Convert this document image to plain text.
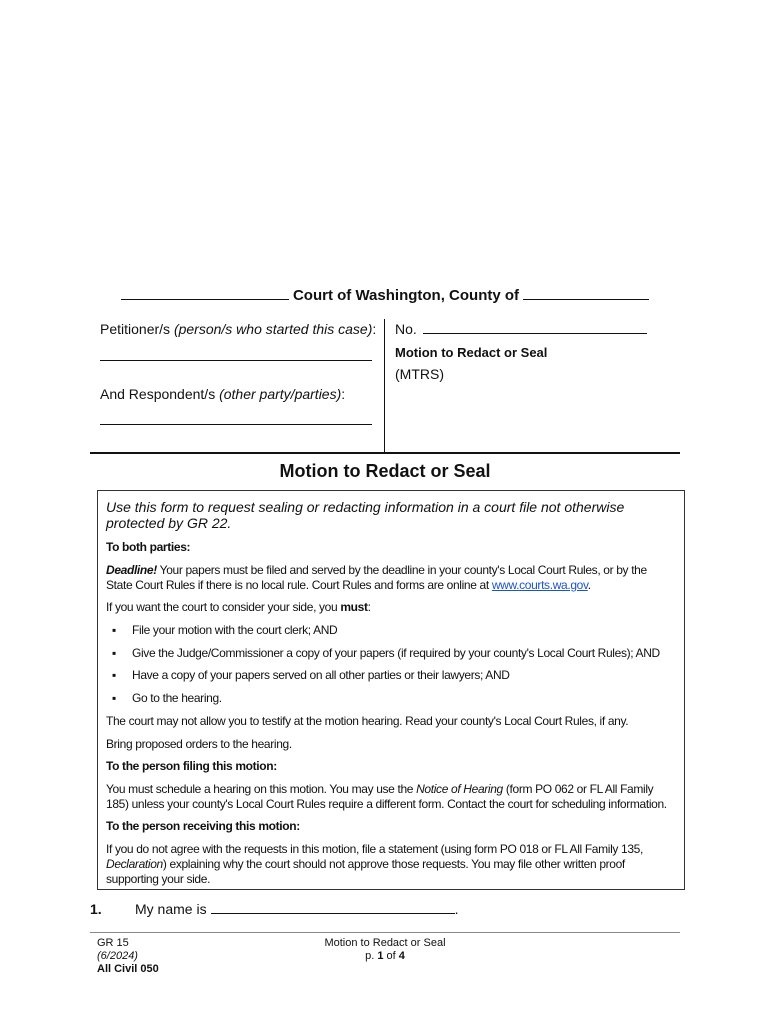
Court of Washington, County of
Petitioner/s (person/s who started this case):
And Respondent/s (other party/parties):
No.
Motion to Redact or Seal
(MTRS)
Motion to Redact or Seal
Use this form to request sealing or redacting information in a court file not otherwise protected by GR 22.
To both parties:
Deadline! Your papers must be filed and served by the deadline in your county's Local Court Rules, or by the
State Court Rules if there is no local rule. Court Rules and forms are online at www.courts.wa.gov.
If you want the court to consider your side, you must:
▪ File your motion with the court clerk; AND
▪ Give the Judge/Commissioner a copy of your papers (if required by your county's Local Court Rules); AND
▪ Have a copy of your papers served on all other parties or their lawyers; AND
▪ Go to the hearing.
The court may not allow you to testify at the motion hearing. Read your county's Local Court Rules, if any.
Bring proposed orders to the hearing.
To the person filing this motion:
You must schedule a hearing on this motion. You may use the Notice of Hearing (form PO 062 or FL All Family
185) unless your county's Local Court Rules require a different form. Contact the court for scheduling information.
To the person receiving this motion:
If you do not agree with the requests in this motion, file a statement (using form PO 018 or FL All Family 135,
Declaration) explaining why the court should not approve those requests. You may file other written proof
supporting your side.
1. My name is	.
GR 15
(6/2024)
All Civil 050
Motion to Redact or Seal
p. 1 of 4
